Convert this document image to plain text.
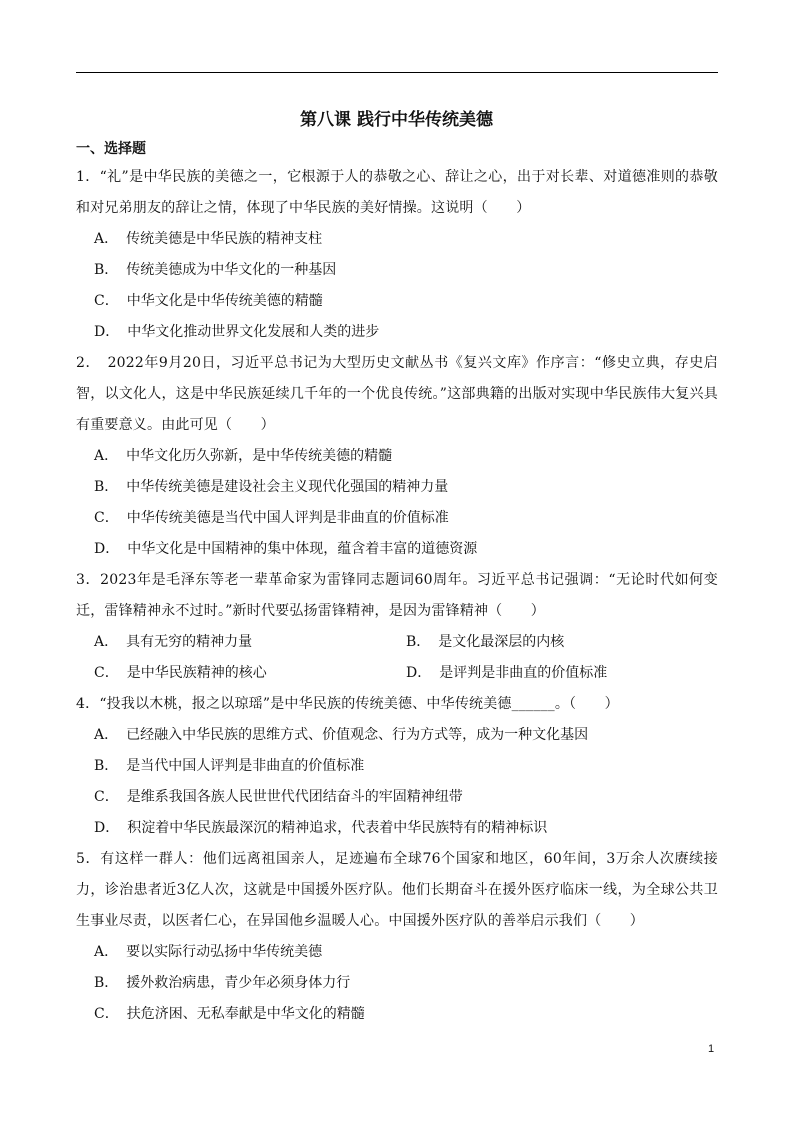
第八课 践行中华传统美德
一、选择题
1．“礼”是中华民族的美德之一，它根源于人的恭敬之心、辞让之心，出于对长辈、对道德准则的恭敬和对兄弟朋友的辞让之情，体现了中华民族的美好情操。这说明（　　）
A． 传统美德是中华民族的精神支柱
B． 传统美德成为中华文化的一种基因
C． 中华文化是中华传统美德的精髓
D． 中华文化推动世界文化发展和人类的进步
2．　2022年9月20日，习近平总书记为大型历史文献丛书《复兴文库》作序言：“修史立典，存史启智，以文化人，这是中华民族延续几千年的一个优良传统。”这部典籍的出版对实现中华民族伟大复兴具有重要意义。由此可见（　　）
A． 中华文化历久弥新，是中华传统美德的精髓
B． 中华传统美德是建设社会主义现代化强国的精神力量
C． 中华传统美德是当代中国人评判是非曲直的价值标准
D． 中华文化是中国精神的集中体现，蕴含着丰富的道德资源
3．2023年是毛泽东等老一辈革命家为雷锋同志题词60周年。习近平总书记强调：“无论时代如何变迁，雷锋精神永不过时。”新时代要弘扬雷锋精神，是因为雷锋精神（　　）
A． 具有无穷的精神力量	B． 是文化最深层的内核
C． 是中华民族精神的核心	D． 是评判是非曲直的价值标准
4．“投我以木桃，报之以琼瑶”是中华民族的传统美德、中华传统美德______。（　　）
A． 已经融入中华民族的思维方式、价值观念、行为方式等，成为一种文化基因
B． 是当代中国人评判是非曲直的价值标准
C． 是维系我国各族人民世世代代团结奋斗的牢固精神纽带
D． 积淀着中华民族最深沉的精神追求，代表着中华民族特有的精神标识
5．有这样一群人：他们远离祖国亲人，足迹遍布全球76个国家和地区，60年间，3万余人次赓续接力，诊治患者近3亿人次，这就是中国援外医疗队。他们长期奋斗在援外医疗临床一线，为全球公共卫生事业尽责，以医者仁心，在异国他乡温暖人心。中国援外医疗队的善举启示我们（　　）
A． 要以实际行动弘扬中华传统美德
B． 援外救治病患，青少年必须身体力行
C． 扶危济困、无私奉献是中华文化的精髓
1
